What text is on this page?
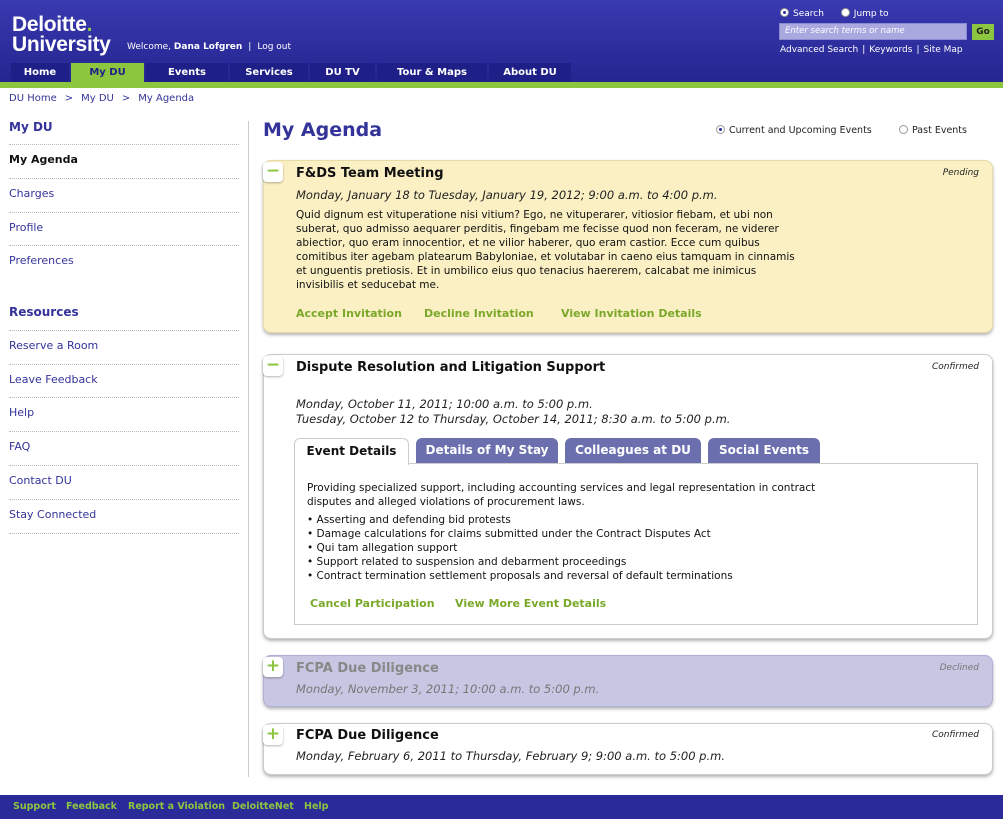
Deloitte.
University Welcome, Dana Lofgren | Log out
Search	Jump to
Enter search terms or name	Go
Advanced Search | Keywords | Site Map
Home	My DU	Events	Services	DU TV	Tour & Maps	About DU
DU Home > My DU > My Agenda
My DU
My Agenda
Charges
Profile
Preferences
Resources
Reserve a Room
Leave Feedback
Help
FAQ
Contact DU
Stay Connected
My Agenda	Current and Upcoming Events	Past Events
− F&DS Team Meeting	Pending
Monday, January 18 to Tuesday, January 19, 2012; 9:00 a.m. to 4:00 p.m.
Quid dignum est vituperatione nisi vitium? Ego, ne vituperarer, vitiosior fiebam, et ubi non
suberat, quo admisso aequarer perditis, fingebam me fecisse quod non feceram, ne viderer
abiectior, quo eram innocentior, et ne vilior haberer, quo eram castior. Ecce cum quibus
comitibus iter agebam platearum Babyloniae, et volutabar in caeno eius tamquam in cinnamis
et unguentis pretiosis. Et in umbilico eius quo tenacius haererem, calcabat me inimicus
invisibilis et seducebat me.
Accept Invitation Decline Invitation View Invitation Details
− Dispute Resolution and Litigation Support	Confirmed
Monday, October 11, 2011; 10:00 a.m. to 5:00 p.m.
Tuesday, October 12 to Thursday, October 14, 2011; 8:30 a.m. to 5:00 p.m.
Event Details	Details of My Stay	Colleagues at DU	Social Events
Providing specialized support, including accounting services and legal representation in contract
disputes and alleged violations of procurement laws.
• Asserting and defending bid protests
• Damage calculations for claims submitted under the Contract Disputes Act
• Qui tam allegation support
• Support related to suspension and debarment proceedings
• Contract termination settlement proposals and reversal of default terminations
Cancel Participation View More Event Details
+ FCPA Due Diligence	Declined
Monday, November 3, 2011; 10:00 a.m. to 5:00 p.m.
+ FCPA Due Diligence	Confirmed
Monday, February 6, 2011 to Thursday, February 9; 9:00 a.m. to 5:00 p.m.
Support Feedback Report a Violation DeloitteNet Help
